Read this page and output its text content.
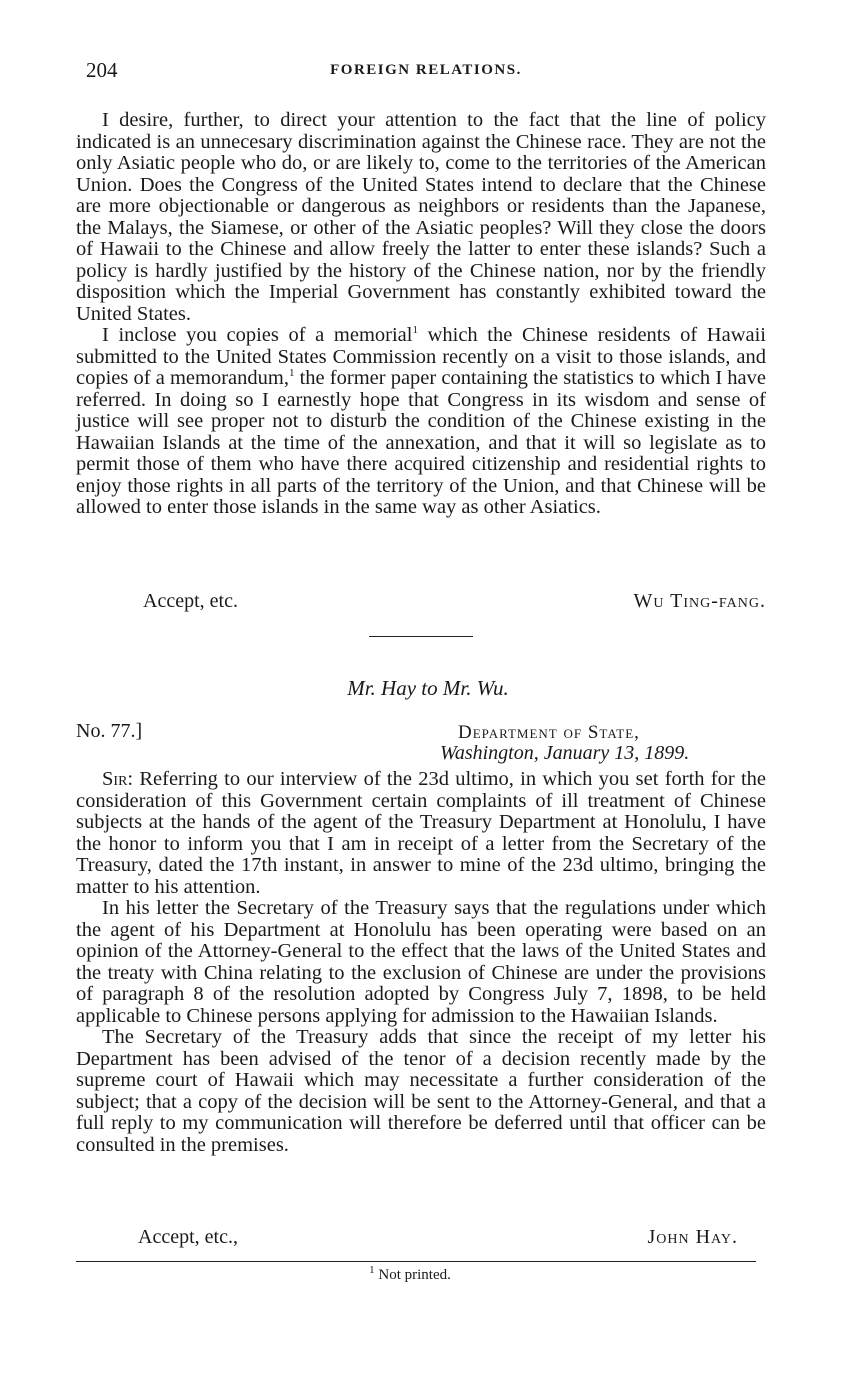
204	FOREIGN RELATIONS.

I desire, further, to direct your attention to the fact that the line of policy indicated is an unnecesary discrimination against the Chinese race. They are not the only Asiatic people who do, or are likely to, come to the territories of the American Union. Does the Congress of the United States intend to declare that the Chinese are more objectionable or dangerous as neighbors or residents than the Japanese, the Malays, the Siamese, or other of the Asiatic peoples? Will they close the doors of Hawaii to the Chinese and allow freely the latter to enter these islands? Such a policy is hardly justified by the history of the Chinese nation, nor by the friendly disposition which the Imperial Government has constantly exhibited toward the United States.

I inclose you copies of a memorial$^1$ which the Chinese residents of Hawaii submitted to the United States Commission recently on a visit to those islands, and copies of a memorandum,$^1$ the former paper containing the statistics to which I have referred. In doing so I earnestly hope that Congress in its wisdom and sense of justice will see proper not to disturb the condition of the Chinese existing in the Hawaiian Islands at the time of the annexation, and that it will so legislate as to permit those of them who have there acquired citizenship and residential rights to enjoy those rights in all parts of the territory of the Union, and that Chinese will be allowed to enter those islands in the same way as other Asiatics.

Accept, etc.	Wu Ting-fang.
Mr. Hay to Mr. Wu.
No. 77.]	Department of State,
Washington, January 13, 1899.

Sir: Referring to our interview of the 23d ultimo, in which you set forth for the consideration of this Government certain complaints of ill treatment of Chinese subjects at the hands of the agent of the Treasury Department at Honolulu, I have the honor to inform you that I am in receipt of a letter from the Secretary of the Treasury, dated the 17th instant, in answer to mine of the 23d ultimo, bringing the matter to his attention.

In his letter the Secretary of the Treasury says that the regulations under which the agent of his Department at Honolulu has been operating were based on an opinion of the Attorney-General to the effect that the laws of the United States and the treaty with China relating to the exclusion of Chinese are under the provisions of paragraph 8 of the resolution adopted by Congress July 7, 1898, to be held applicable to Chinese persons applying for admission to the Hawaiian Islands.

The Secretary of the Treasury adds that since the receipt of my letter his Department has been advised of the tenor of a decision recently made by the supreme court of Hawaii which may necessitate a further consideration of the subject; that a copy of the decision will be sent to the Attorney-General, and that a full reply to my communication will therefore be deferred until that officer can be consulted in the premises.

Accept, etc.,	John Hay.
$^1$ Not printed.
